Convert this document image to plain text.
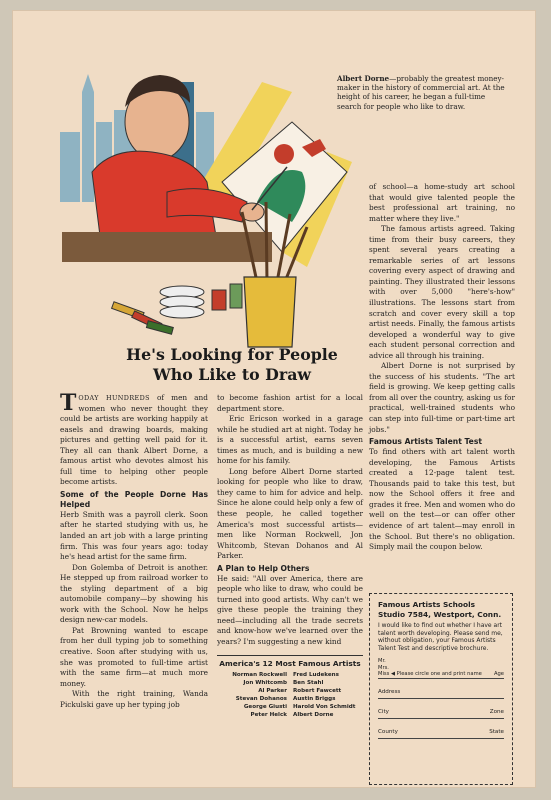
Albert Dorne—probably the greatest money-maker in the history of commercial art. At the height of his career, he began a full-time search for people who like to draw.
He's Looking for People
Who Like to Draw

TODAY HUNDREDS of men and women who never thought they could be artists are working happily at easels and drawing boards, making pictures and getting well paid for it. They all can thank Albert Dorne, a famous artist who devotes almost his full time to helping other people become artists.

Some of the People Dorne Has Helped

Herb Smith was a payroll clerk. Soon after he started studying with us, he landed an art job with a large printing firm. This was four years ago: today he's head artist for the same firm.

Don Golemba of Detroit is another. He stepped up from railroad worker to the styling department of a big automobile company—by showing his work with the School. Now he helps design new-car models.

Pat Browning wanted to escape from her dull typing job to something creative. Soon after studying with us, she was promoted to full-time artist with the same firm—at much more money.

With the right training, Wanda Pickulski gave up her typing job

to become fashion artist for a local department store.

Eric Ericson worked in a garage while he studied art at night. Today he is a successful artist, earns seven times as much, and is building a new home for his family.

Long before Albert Dorne started looking for people who like to draw, they came to him for advice and help. Since he alone could help only a few of these people, he called together America's most successful artists—men like Norman Rockwell, Jon Whitcomb, Stevan Dohanos and Al Parker.

A Plan to Help Others

He said: "All over America, there are people who like to draw, who could be turned into good artists. Why can't we give these people the training they need—including all the trade secrets and know-how we've learned over the years? I'm suggesting a new kind

America's 12 Most Famous Artists
Norman Rockwell Fred Ludekens
Jon Whitcomb Ben Stahl
Al Parker Robert Fawcett
Stevan Dohanos Austin Briggs
George Giusti Harold Von Schmidt
Peter Helck Albert Dorne

of school—a home-study art school that would give talented people the best professional art training, no matter where they live."

The famous artists agreed. Taking time from their busy careers, they spent several years creating a remarkable series of art lessons covering every aspect of drawing and painting. They illustrated their lessons with over 5,000 "here's-how" illustrations. The lessons start from scratch and cover every skill a top artist needs. Finally, the famous artists developed a wonderful way to give each student personal correction and advice all through his training.

Albert Dorne is not surprised by the success of his students. "The art field is growing. We keep getting calls from all over the country, asking us for practical, well-trained students who can step into full-time or part-time art jobs."

Famous Artists Talent Test

To find others with art talent worth developing, the Famous Artists created a 12-page talent test. Thousands paid to take this test, but now the School offers it free and grades it free. Men and women who do well on the test—or can offer other evidence of art talent—may enroll in the School. But there's no obligation. Simply mail the coupon below.

Famous Artists Schools
Studio 7584, Westport, Conn.
I would like to find out whether I have art talent worth developing. Please send me, without obligation, your Famous Artists Talent Test and descriptive brochure.
Mr.
Mrs.
Miss ◀ Please circle one and print name Age
Address
City	Zone
County	State
